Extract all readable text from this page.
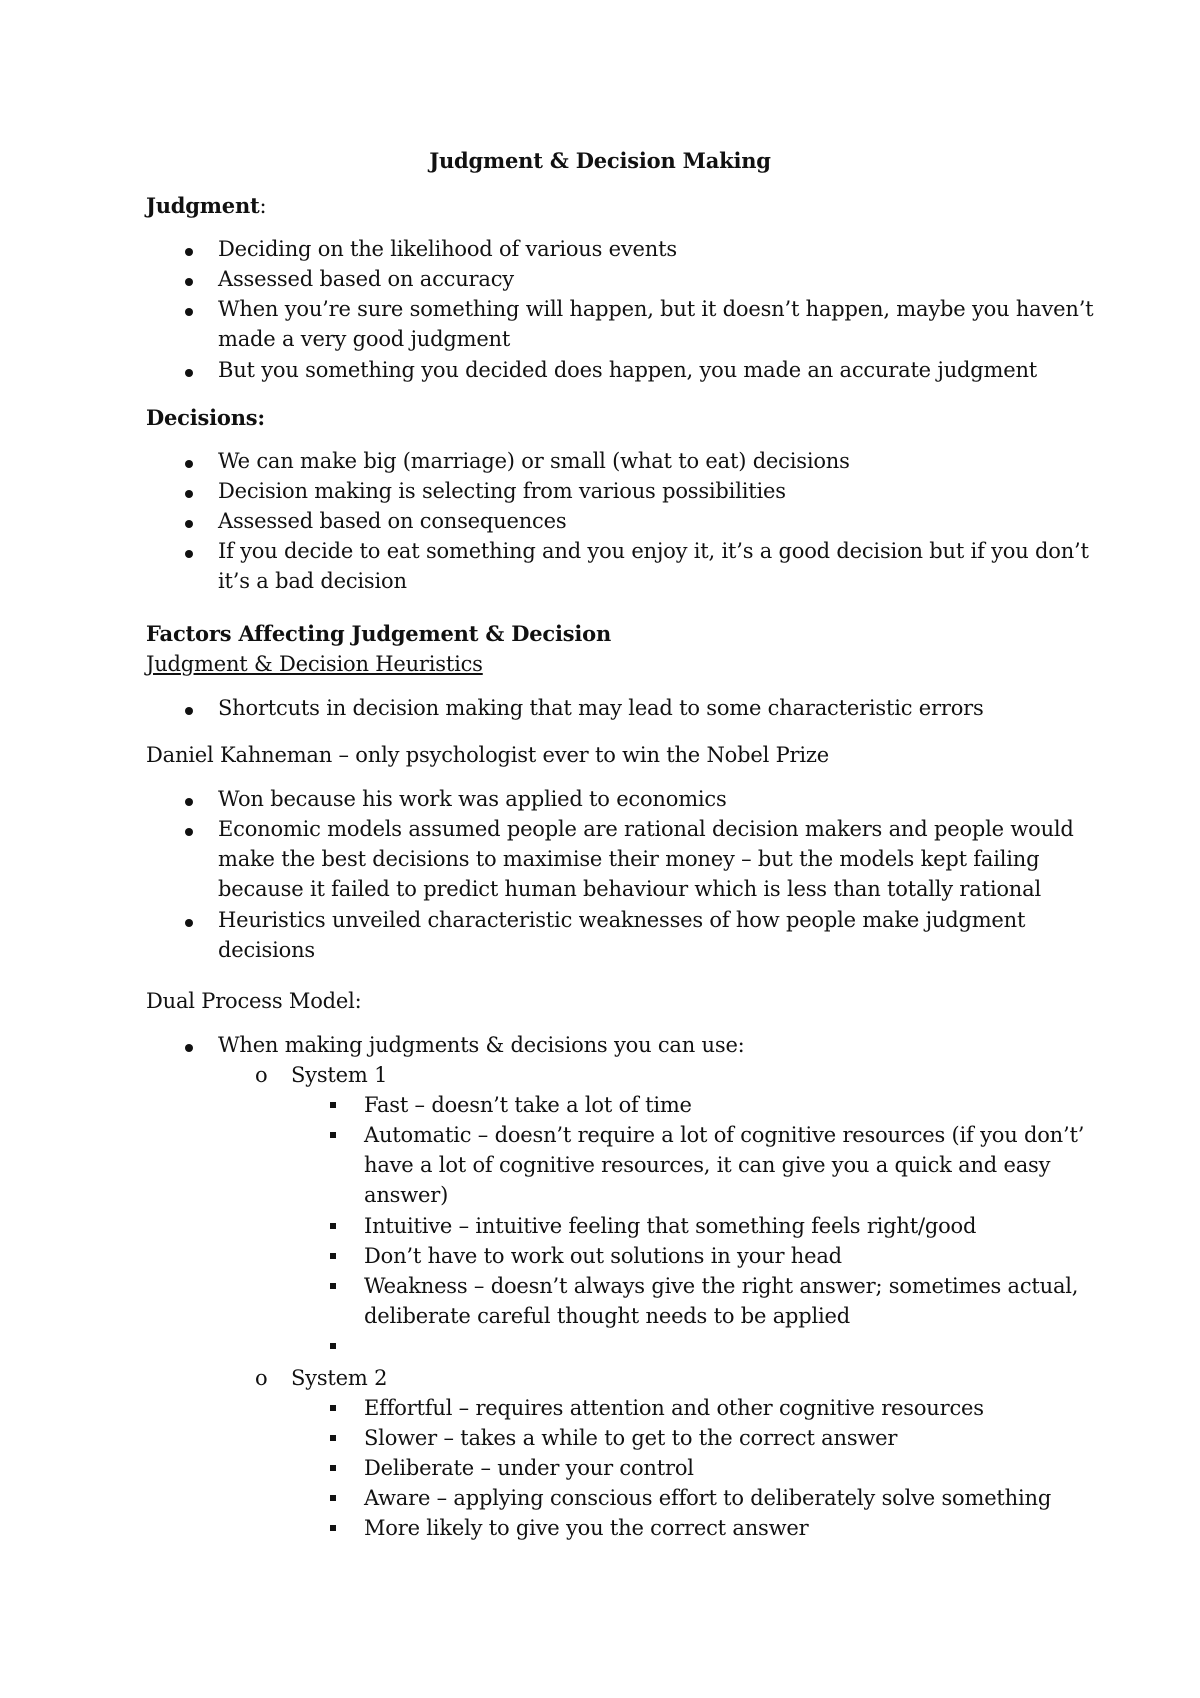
Judgment & Decision Making
Judgment:
Deciding on the likelihood of various events
Assessed based on accuracy
When you’re sure something will happen, but it doesn’t happen, maybe you haven’t
made a very good judgment
But you something you decided does happen, you made an accurate judgment
Decisions:
We can make big (marriage) or small (what to eat) decisions
Decision making is selecting from various possibilities
Assessed based on consequences
If you decide to eat something and you enjoy it, it’s a good decision but if you don’t
it’s a bad decision
Factors Affecting Judgement & Decision
Judgment & Decision Heuristics
Shortcuts in decision making that may lead to some characteristic errors
Daniel Kahneman – only psychologist ever to win the Nobel Prize
Won because his work was applied to economics
Economic models assumed people are rational decision makers and people would
make the best decisions to maximise their money – but the models kept failing
because it failed to predict human behaviour which is less than totally rational
Heuristics unveiled characteristic weaknesses of how people make judgment
decisions
Dual Process Model:
When making judgments & decisions you can use:
o System 1
Fast – doesn’t take a lot of time
Automatic – doesn’t require a lot of cognitive resources (if you don’t’
have a lot of cognitive resources, it can give you a quick and easy
answer)
Intuitive – intuitive feeling that something feels right/good
Don’t have to work out solutions in your head
Weakness – doesn’t always give the right answer; sometimes actual,
deliberate careful thought needs to be applied
o System 2
Effortful – requires attention and other cognitive resources
Slower – takes a while to get to the correct answer
Deliberate – under your control
Aware – applying conscious effort to deliberately solve something
More likely to give you the correct answer
